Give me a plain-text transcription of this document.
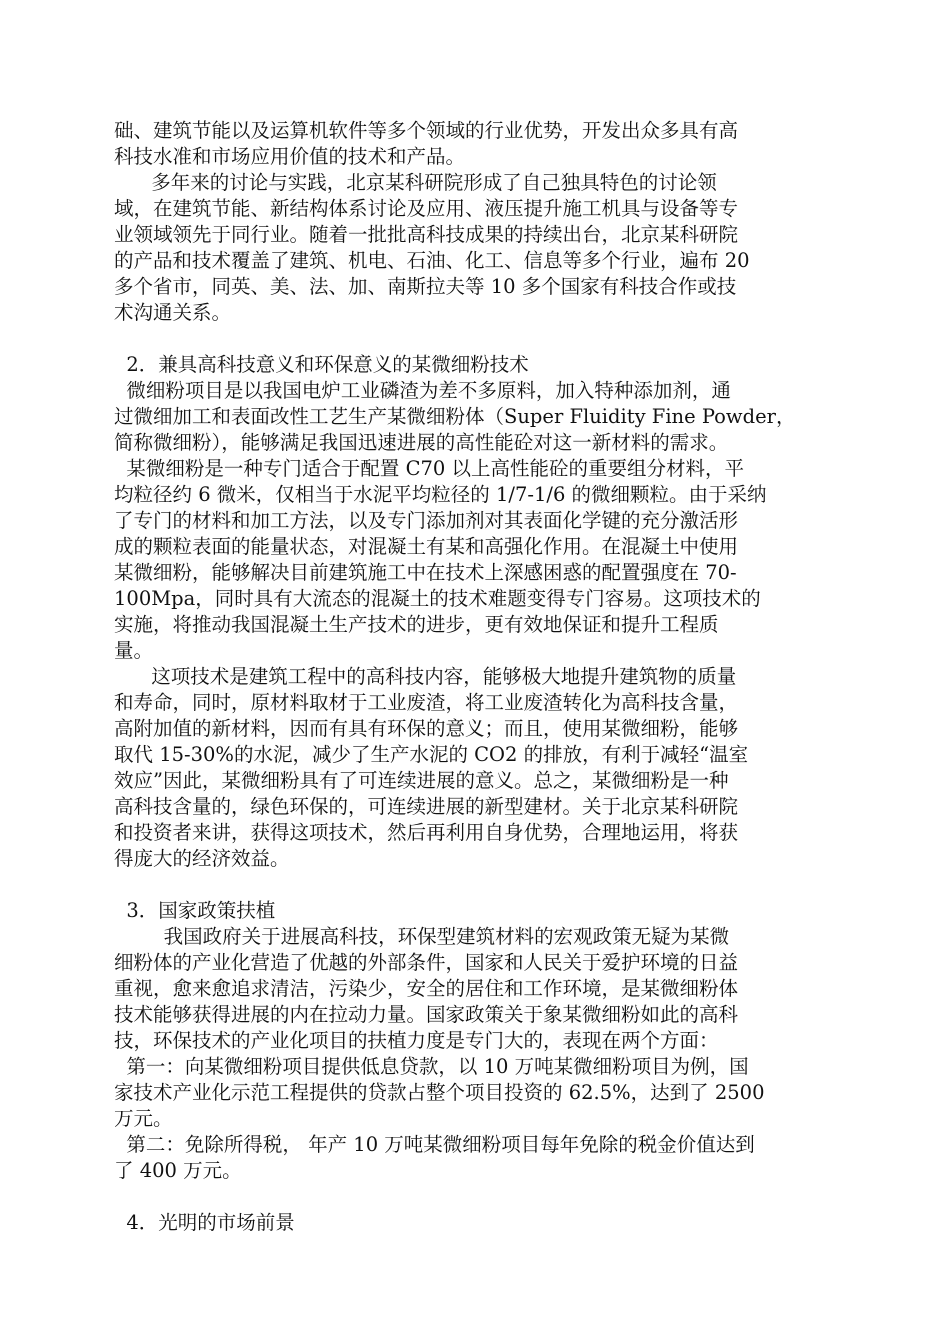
础、建筑节能以及运算机软件等多个领域的行业优势，开发出众多具有高
科技水准和市场应用价值的技术和产品。
多年来的讨论与实践，北京某科研院形成了自己独具特色的讨论领
域，在建筑节能、新结构体系讨论及应用、液压提升施工机具与设备等专
业领域领先于同行业。随着一批批高科技成果的持续出台，北京某科研院
的产品和技术覆盖了建筑、机电、石油、化工、信息等多个行业，遍布 20
多个省市，同英、美、法、加、南斯拉夫等 10 多个国家有科技合作或技
术沟通关系。

2．兼具高科技意义和环保意义的某微细粉技术
微细粉项目是以我国电炉工业磷渣为差不多原料，加入特种添加剂，通
过微细加工和表面改性工艺生产某微细粉体（Super Fluidity Fine Powder，
简称微细粉），能够满足我国迅速进展的高性能砼对这一新材料的需求。
某微细粉是一种专门适合于配置 C70 以上高性能砼的重要组分材料，平
均粒径约 6 微米，仅相当于水泥平均粒径的 1/7-1/6 的微细颗粒。由于采纳
了专门的材料和加工方法，以及专门添加剂对其表面化学键的充分激活形
成的颗粒表面的能量状态，对混凝土有某和高强化作用。在混凝土中使用
某微细粉，能够解决目前建筑施工中在技术上深感困惑的配置强度在 70-
100Mpa，同时具有大流态的混凝土的技术难题变得专门容易。这项技术的
实施，将推动我国混凝土生产技术的进步，更有效地保证和提升工程质
量。
这项技术是建筑工程中的高科技内容，能够极大地提升建筑物的质量
和寿命，同时，原材料取材于工业废渣，将工业废渣转化为高科技含量，
高附加值的新材料，因而有具有环保的意义；而且，使用某微细粉，能够
取代 15-30%的水泥，减少了生产水泥的 CO2 的排放，有利于减轻“温室
效应”因此，某微细粉具有了可连续进展的意义。总之，某微细粉是一种
高科技含量的，绿色环保的，可连续进展的新型建材。关于北京某科研院
和投资者来讲，获得这项技术，然后再利用自身优势，合理地运用，将获
得庞大的经济效益。

3．国家政策扶植
我国政府关于进展高科技，环保型建筑材料的宏观政策无疑为某微
细粉体的产业化营造了优越的外部条件，国家和人民关于爱护环境的日益
重视，愈来愈追求清洁，污染少，安全的居住和工作环境，是某微细粉体
技术能够获得进展的内在拉动力量。国家政策关于象某微细粉如此的高科
技，环保技术的产业化项目的扶植力度是专门大的，表现在两个方面：
第一：向某微细粉项目提供低息贷款，以 10 万吨某微细粉项目为例，国
家技术产业化示范工程提供的贷款占整个项目投资的 62.5%，达到了 2500
万元。
第二：免除所得税， 年产 10 万吨某微细粉项目每年免除的税金价值达到
了 400 万元。

4．光明的市场前景
